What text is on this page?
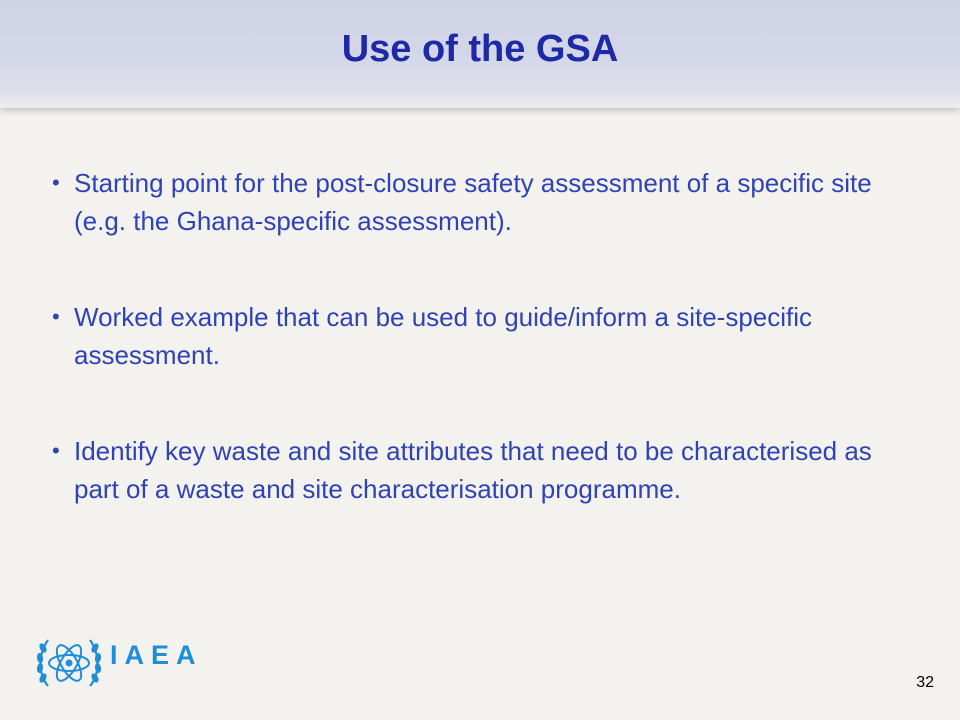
Use of the GSA
• Starting point for the post-closure safety assessment of a specific site (e.g. the Ghana-specific assessment).
• Worked example that can be used to guide/inform a site-specific assessment.
• Identify key waste and site attributes that need to be characterised as part of a waste and site characterisation programme.
IAEA
32
